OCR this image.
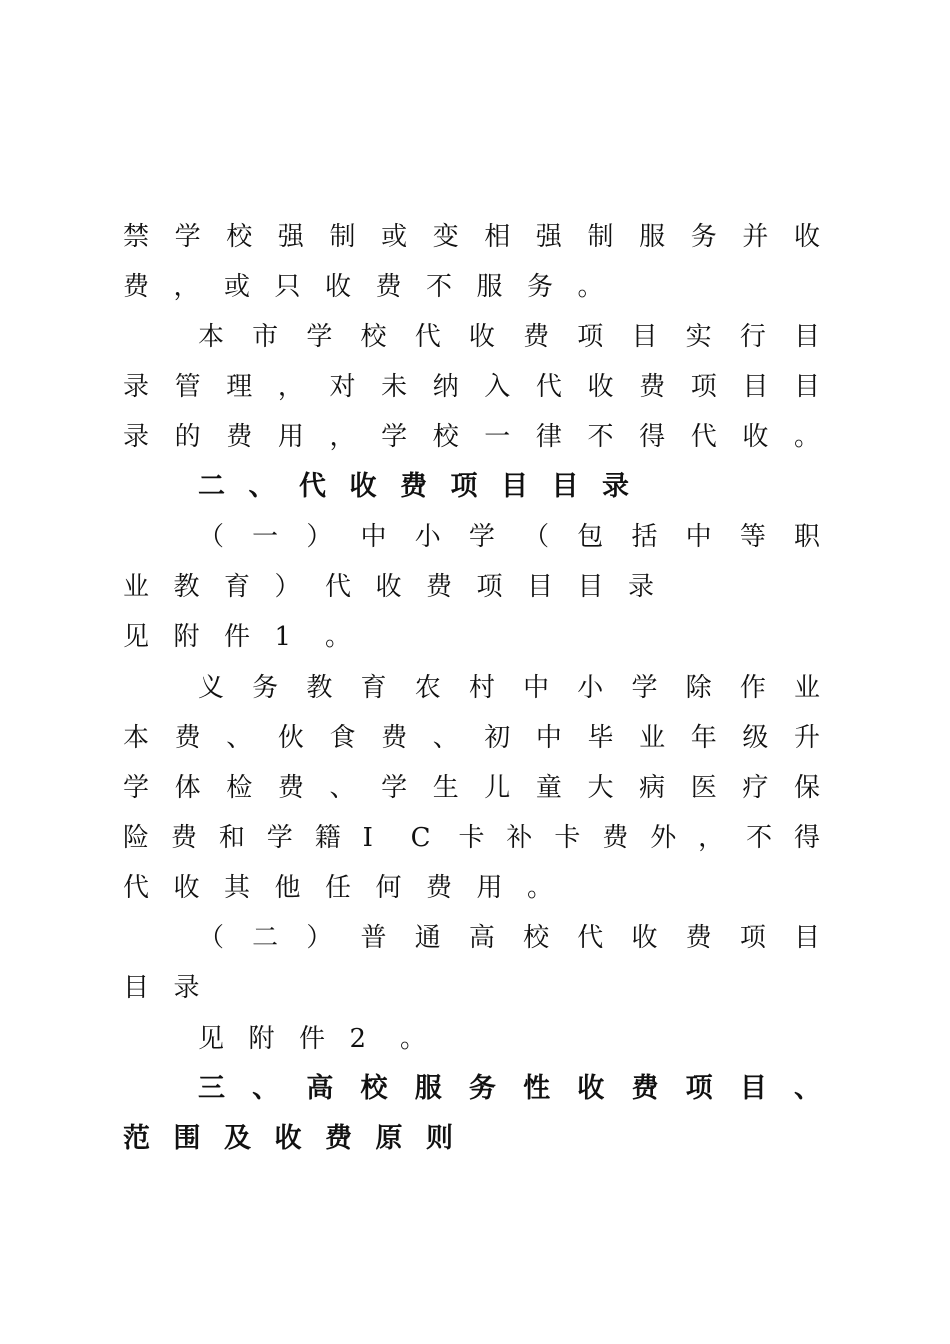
禁 学 校 强 制 或 变 相 强 制 服 务 并 收
费 ， 或 只 收 费 不 服 务 。
本 市 学 校 代 收 费 项 目 实 行 目
录 管 理 ， 对 未 纳 入 代 收 费 项 目 目
录 的 费 用 ， 学 校 一 律 不 得 代 收 。
二 、 代 收 费 项 目 目 录
（ 一 ） 中 小 学 （ 包 括 中 等 职
业 教 育 ） 代 收 费 项 目 目 录
见 附 件 1 。
义 务 教 育 农 村 中 小 学 除 作 业
本 费 、 伙 食 费 、 初 中 毕 业 年 级 升
学 体 检 费 、 学 生 儿 童 大 病 医 疗 保
险 费 和 学 籍 I C 卡 补 卡 费 外 ， 不 得
代 收 其 他 任 何 费 用 。
（ 二 ） 普 通 高 校 代 收 费 项 目
目 录
见 附 件 2 。
三 、 高 校 服 务 性 收 费 项 目 、
范 围 及 收 费 原 则
